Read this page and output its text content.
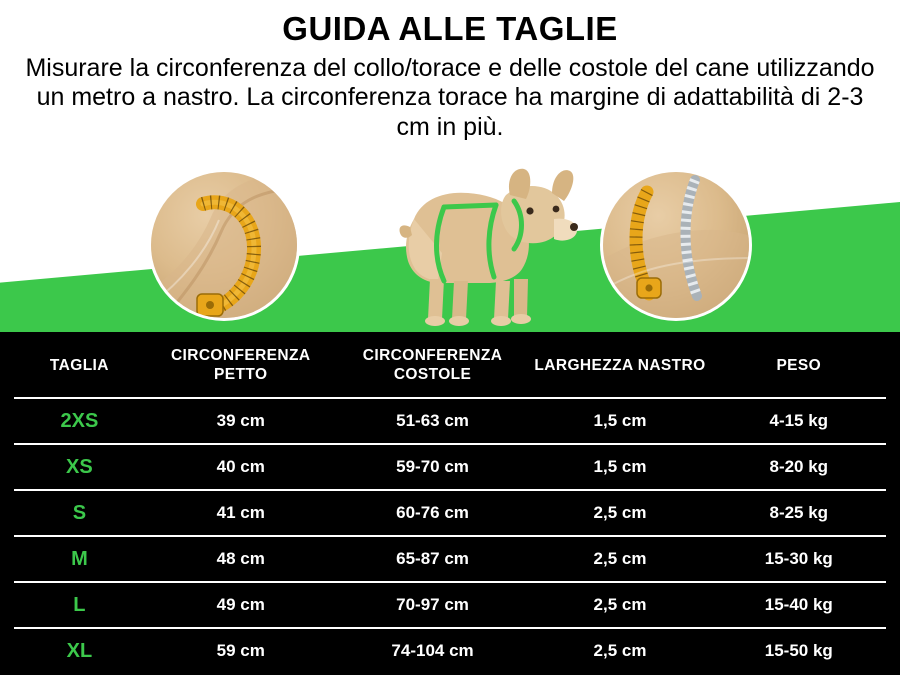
GUIDA ALLE TAGLIE
Misurare la circonferenza del collo/torace e delle costole del cane utilizzando un metro a nastro. La circonferenza torace ha margine di adattabilità di 2-3 cm in più.
TAGLIA	CIRCONFERENZA PETTO	CIRCONFERENZA COSTOLE	LARGHEZZA NASTRO	PESO
2XS	39 cm	51-63 cm	1,5 cm	4-15 kg
XS	40 cm	59-70 cm	1,5 cm	8-20 kg
S	41 cm	60-76 cm	2,5 cm	8-25 kg
M	48 cm	65-87 cm	2,5 cm	15-30 kg
L	49 cm	70-97 cm	2,5 cm	15-40 kg
XL	59 cm	74-104 cm	2,5 cm	15-50 kg
